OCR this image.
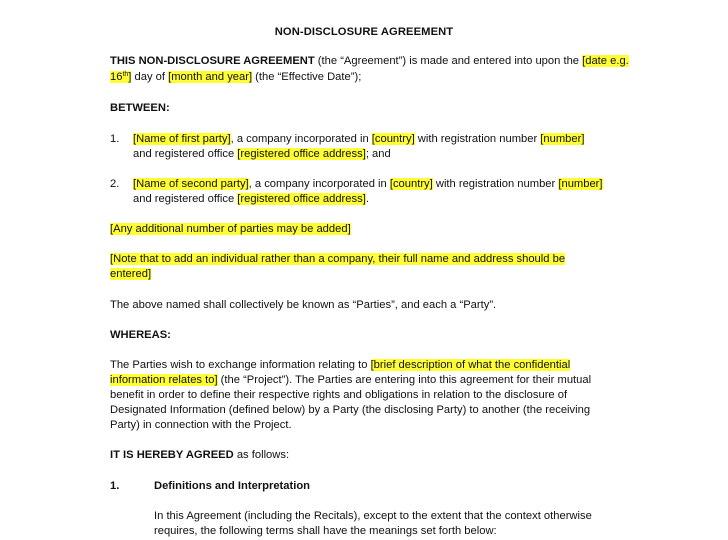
NON-DISCLOSURE AGREEMENT
THIS NON-DISCLOSURE AGREEMENT (the “Agreement”) is made and entered into upon the [date e.g.
16th] day of [month and year] (the “Effective Date”);
BETWEEN:
1. [Name of first party], a company incorporated in [country] with registration number [number]
and registered office [registered office address]; and
2. [Name of second party], a company incorporated in [country] with registration number [number]
and registered office [registered office address].
[Any additional number of parties may be added]
[Note that to add an individual rather than a company, their full name and address should be
entered]
The above named shall collectively be known as “Parties”, and each a “Party”.
WHEREAS:
The Parties wish to exchange information relating to [brief description of what the confidential
information relates to] (the “Project”). The Parties are entering into this agreement for their mutual
benefit in order to define their respective rights and obligations in relation to the disclosure of
Designated Information (defined below) by a Party (the disclosing Party) to another (the receiving
Party) in connection with the Project.
IT IS HEREBY AGREED as follows:
1.	Definitions and Interpretation
In this Agreement (including the Recitals), except to the extent that the context otherwise
requires, the following terms shall have the meanings set forth below:
